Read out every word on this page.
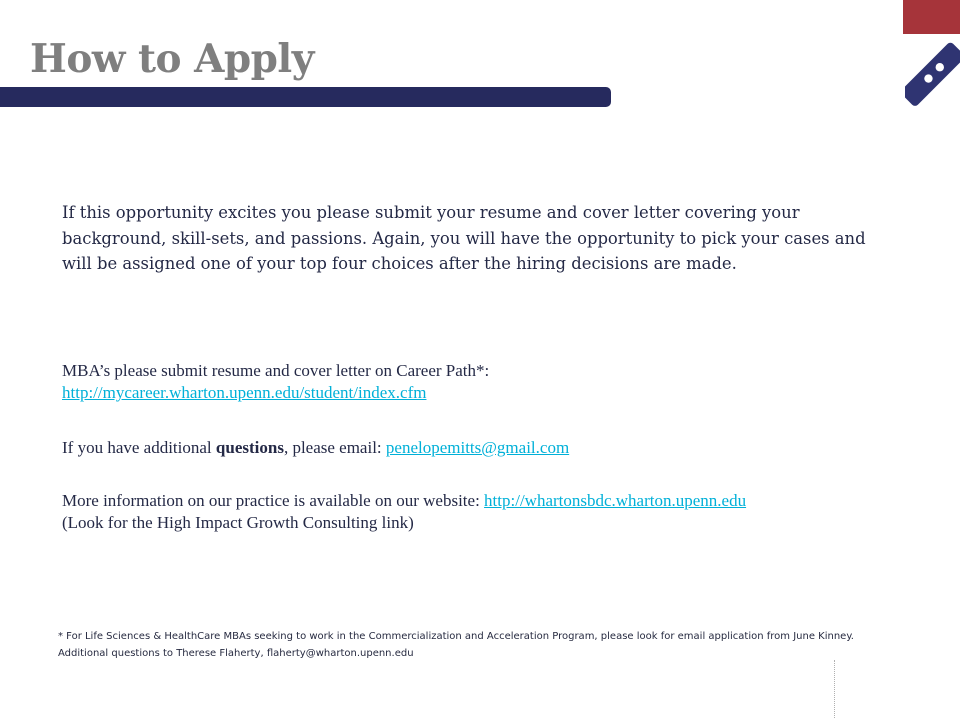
How to Apply

If this opportunity excites you please submit your resume and cover letter covering your background, skill-sets, and passions. Again, you will have the opportunity to pick your cases and will be assigned one of your top four choices after the hiring decisions are made.

MBA’s please submit resume and cover letter on Career Path*:
http://mycareer.wharton.upenn.edu/student/index.cfm

If you have additional questions, please email: penelopemitts@gmail.com

More information on our practice is available on our website: http://whartonsbdc.wharton.upenn.edu
(Look for the High Impact Growth Consulting link)

* For Life Sciences & HealthCare MBAs seeking to work in the Commercialization and Acceleration Program, please look for email application from June Kinney. Additional questions to Therese Flaherty, flaherty@wharton.upenn.edu
